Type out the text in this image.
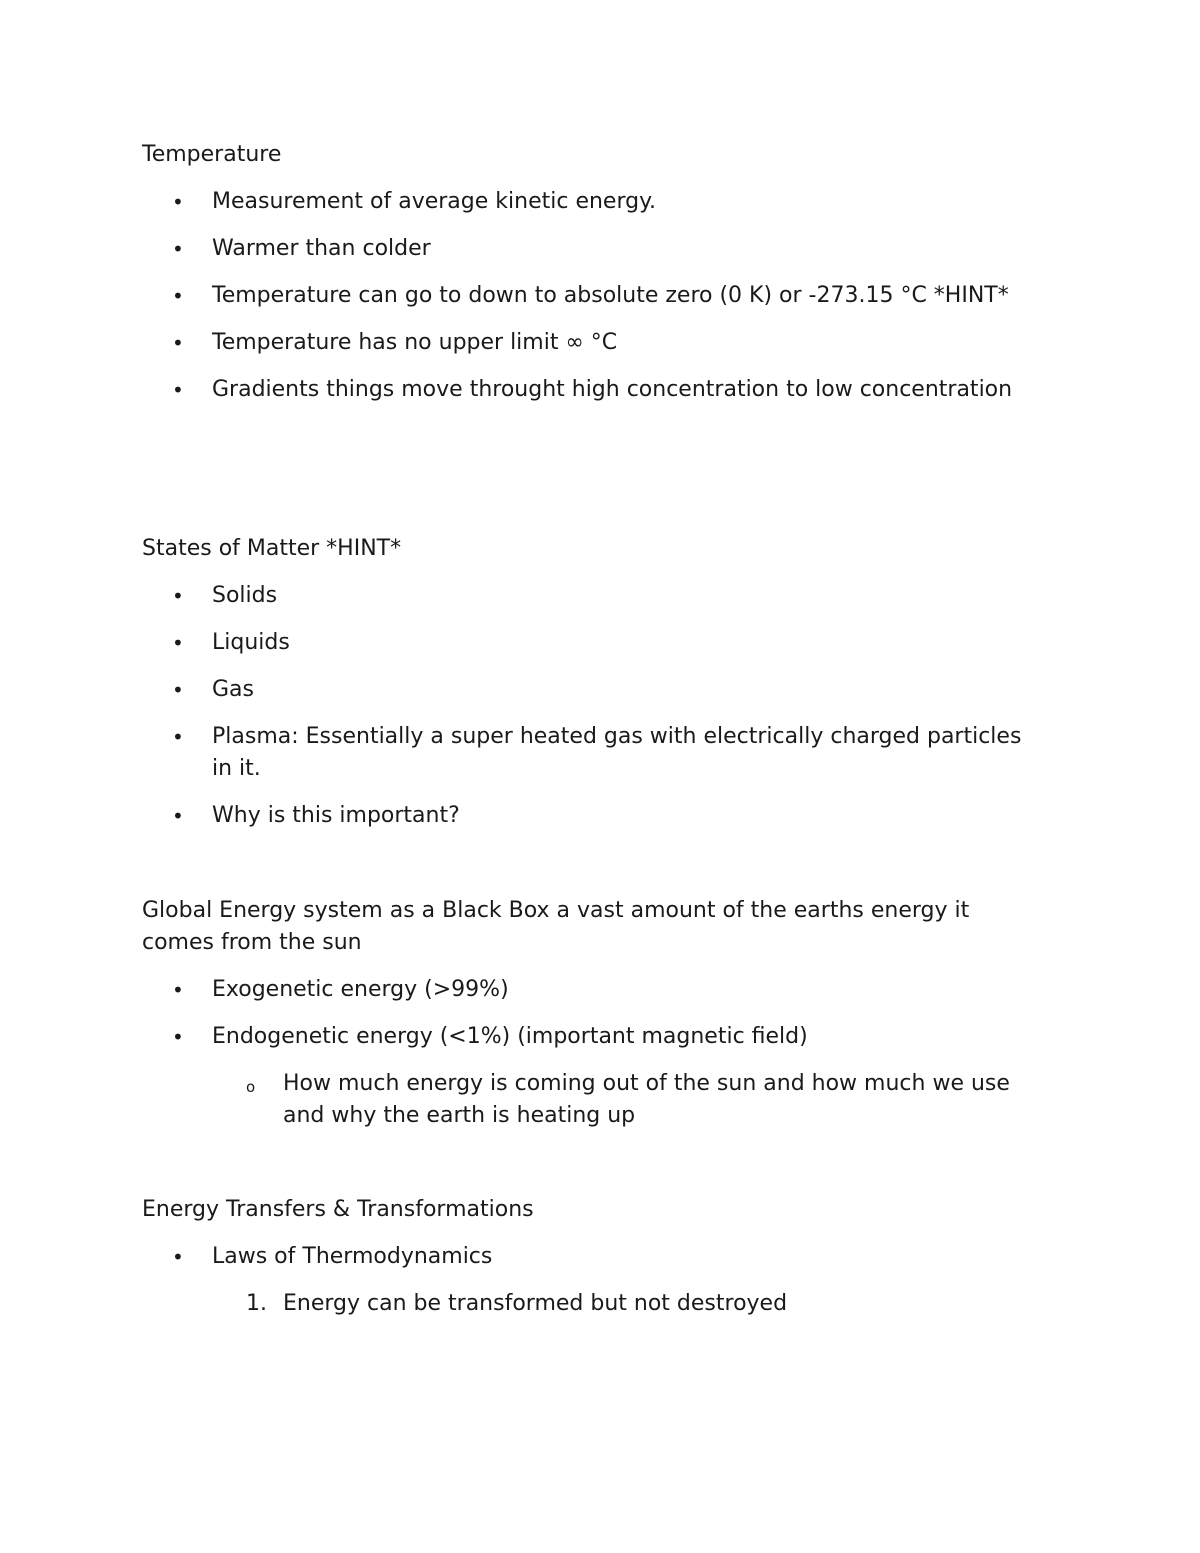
Temperature

• Measurement of average kinetic energy.
• Warmer than colder
• Temperature can go to down to absolute zero (0 K) or -273.15 °C *HINT*
• Temperature has no upper limit ∞ °C
• Gradients things move throught high concentration to low concentration

States of Matter *HINT*

• Solids
• Liquids
• Gas
• Plasma: Essentially a super heated gas with electrically charged particles in it.
• Why is this important?

Global Energy system as a Black Box a vast amount of the earths energy it comes from the sun

• Exogenetic energy (>99%)
• Endogenetic energy (<1%) (important magnetic field)
o How much energy is coming out of the sun and how much we use and why the earth is heating up

Energy Transfers & Transformations

• Laws of Thermodynamics
1. Energy can be transformed but not destroyed
